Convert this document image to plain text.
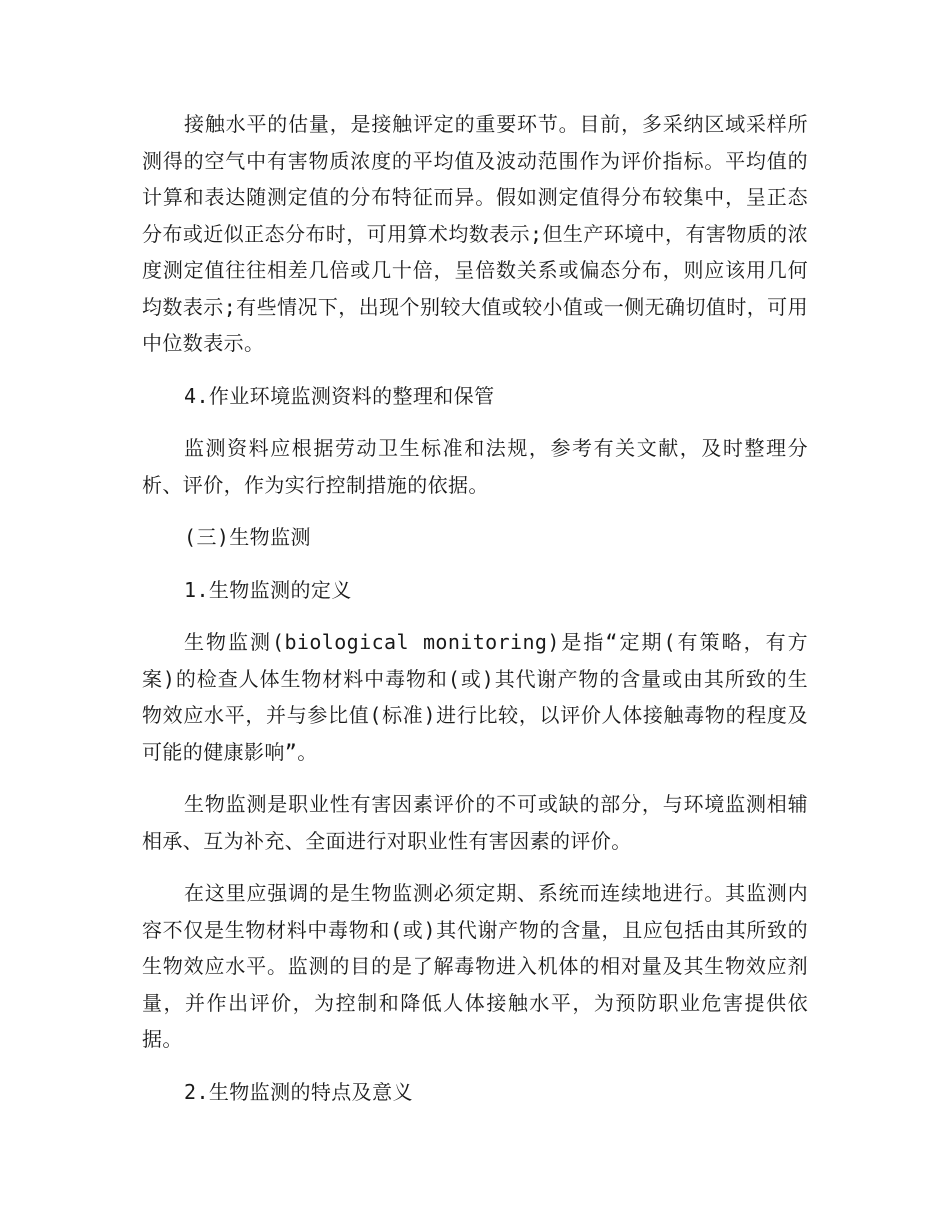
接触水平的估量，是接触评定的重要环节。目前，多采纳区域采样所测得的空气中有害物质浓度的平均值及波动范围作为评价指标。平均值的计算和表达随测定值的分布特征而异。假如测定值得分布较集中，呈正态分布或近似正态分布时，可用算术均数表示;但生产环境中，有害物质的浓度测定值往往相差几倍或几十倍，呈倍数关系或偏态分布，则应该用几何均数表示;有些情况下，出现个别较大值或较小值或一侧无确切值时，可用中位数表示。

4.作业环境监测资料的整理和保管

监测资料应根据劳动卫生标准和法规，参考有关文献，及时整理分析、评价，作为实行控制措施的依据。

(三)生物监测

1.生物监测的定义

生物监测(biological monitoring)是指“定期(有策略，有方案)的检查人体生物材料中毒物和(或)其代谢产物的含量或由其所致的生物效应水平，并与参比值(标准)进行比较，以评价人体接触毒物的程度及可能的健康影响”。

生物监测是职业性有害因素评价的不可或缺的部分，与环境监测相辅相承、互为补充、全面进行对职业性有害因素的评价。

在这里应强调的是生物监测必须定期、系统而连续地进行。其监测内容不仅是生物材料中毒物和(或)其代谢产物的含量，且应包括由其所致的生物效应水平。监测的目的是了解毒物进入机体的相对量及其生物效应剂量，并作出评价，为控制和降低人体接触水平，为预防职业危害提供依据。

2.生物监测的特点及意义
